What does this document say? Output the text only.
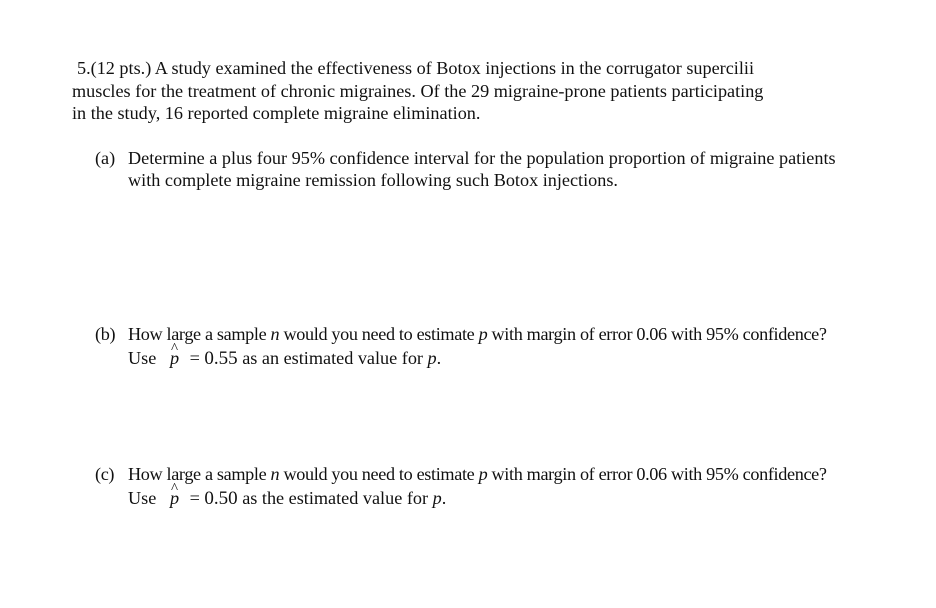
5.(12 pts.) A study examined the effectiveness of Botox injections in the corrugator supercilii
muscles for the treatment of chronic migraines. Of the 29 migraine-prone patients participating
in the study, 16 reported complete migraine elimination.
(a) Determine a plus four 95% confidence interval for the population proportion of migraine patients
with complete migraine remission following such Botox injections.
(b) How large a sample n would you need to estimate p with margin of error 0.06 with 95% confidence?
Use ^ p = 0.55 as an estimated value for p.
(c) How large a sample n would you need to estimate p with margin of error 0.06 with 95% confidence?
Use ^ p = 0.50 as the estimated value for p.
